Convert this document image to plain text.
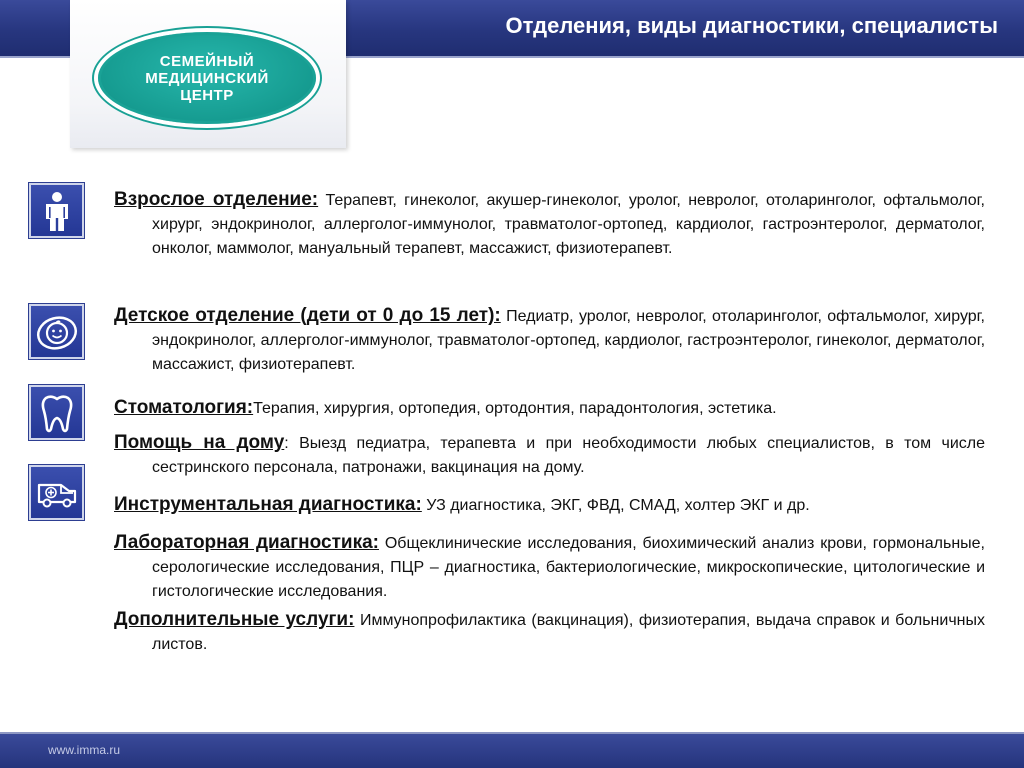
Отделения, виды диагностики, специалисты
СЕМЕЙНЫЙ
МЕДИЦИНСКИЙ
ЦЕНТР

Взрослое отделение: Терапевт, гинеколог, акушер-гинеколог, уролог, невролог, отоларинголог, офтальмолог, хирург, эндокринолог, аллерголог-иммунолог, травматолог-ортопед, кардиолог, гастроэнтеролог, дерматолог, онколог, маммолог, мануальный терапевт, массажист, физиотерапевт.

Детское отделение (дети от 0 до 15 лет): Педиатр, уролог, невролог, отоларинголог, офтальмолог, хирург, эндокринолог, аллерголог-иммунолог, травматолог-ортопед, кардиолог, гастроэнтеролог, гинеколог, дерматолог, массажист, физиотерапевт.

Стоматология:Терапия, хирургия, ортопедия, ортодонтия, парадонтология, эстетика.

Помощь на дому: Выезд педиатра, терапевта и при необходимости любых специалистов, в том числе сестринского персонала, патронажи, вакцинация на дому.

Инструментальная диагностика: УЗ диагностика, ЭКГ, ФВД, СМАД, холтер ЭКГ и др.

Лабораторная диагностика: Общеклинические исследования, биохимический анализ крови, гормональные, серологические исследования, ПЦР – диагностика, бактериологические, микроскопические, цитологические и гистологические исследования.

Дополнительные услуги: Иммунопрофилактика (вакцинация), физиотерапия, выдача справок и больничных листов.

www.imma.ru
